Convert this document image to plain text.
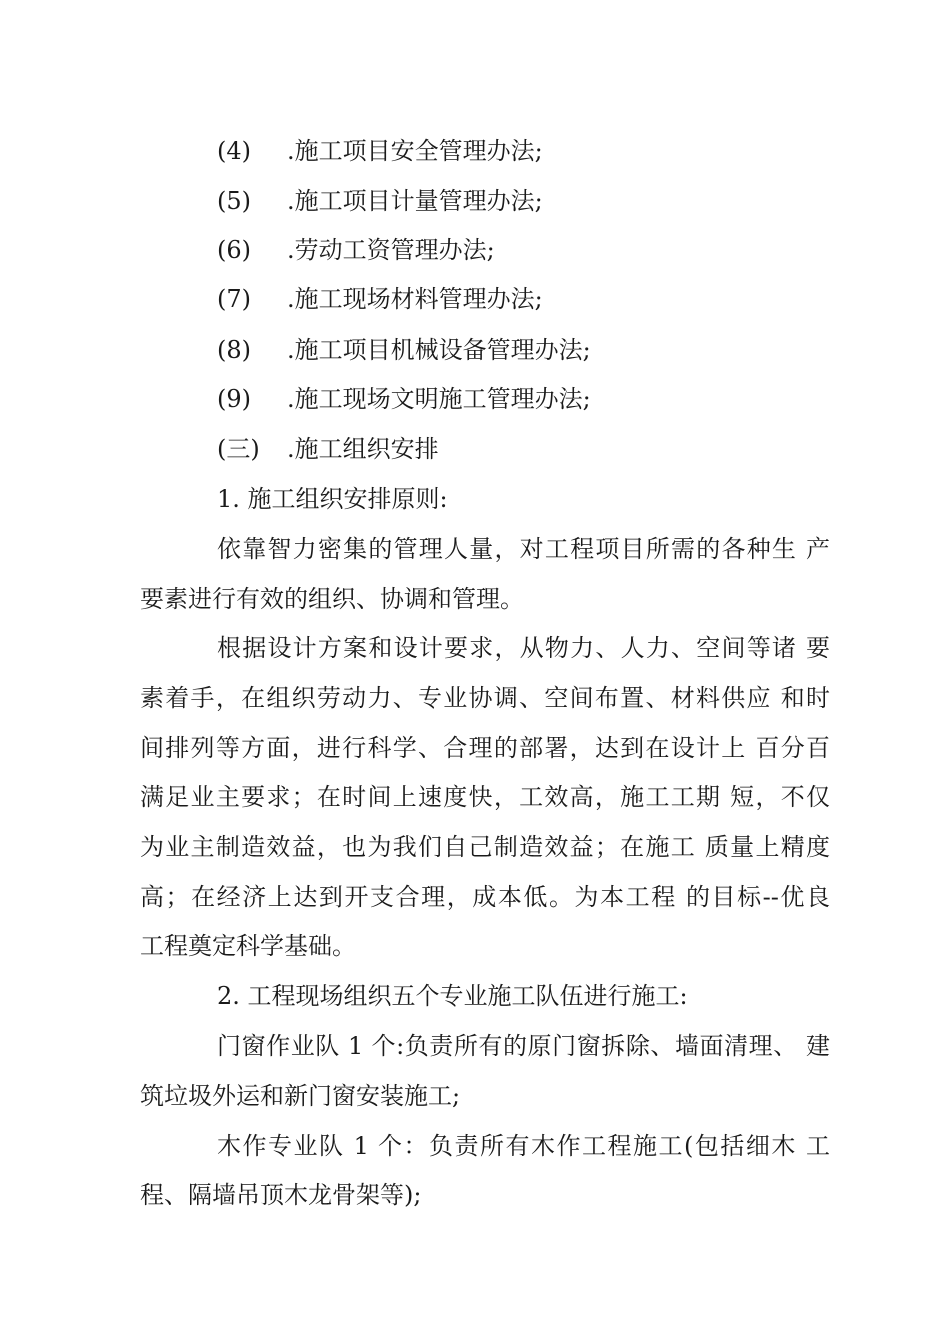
(4) .施工项目安全管理办法;
(5) .施工项目计量管理办法;
(6) .劳动工资管理办法;
(7) .施工现场材料管理办法;
(8) .施工项目机械设备管理办法;
(9) .施工现场文明施工管理办法;
(三) .施工组织安排
1. 施工组织安排原则:
依靠智力密集的管理人量，对工程项目所需的各种生 产
要素进行有效的组织、协调和管理。
根据设计方案和设计要求，从物力、人力、空间等诸 要
素着手，在组织劳动力、专业协调、空间布置、材料供应 和时
间排列等方面，进行科学、合理的部署，达到在设计上 百分百
满足业主要求；在时间上速度快，工效高，施工工期 短，不仅
为业主制造效益，也为我们自己制造效益；在施工 质量上精度
高；在经济上达到开支合理，成本低。为本工程 的目标--优良
工程奠定科学基础。
2. 工程现场组织五个专业施工队伍进行施工:
门窗作业队 1 个:负责所有的原门窗拆除、墙面清理、 建
筑垃圾外运和新门窗安装施工;
木作专业队 1 个：负责所有木作工程施工(包括细木 工
程、隔墙吊顶木龙骨架等);
